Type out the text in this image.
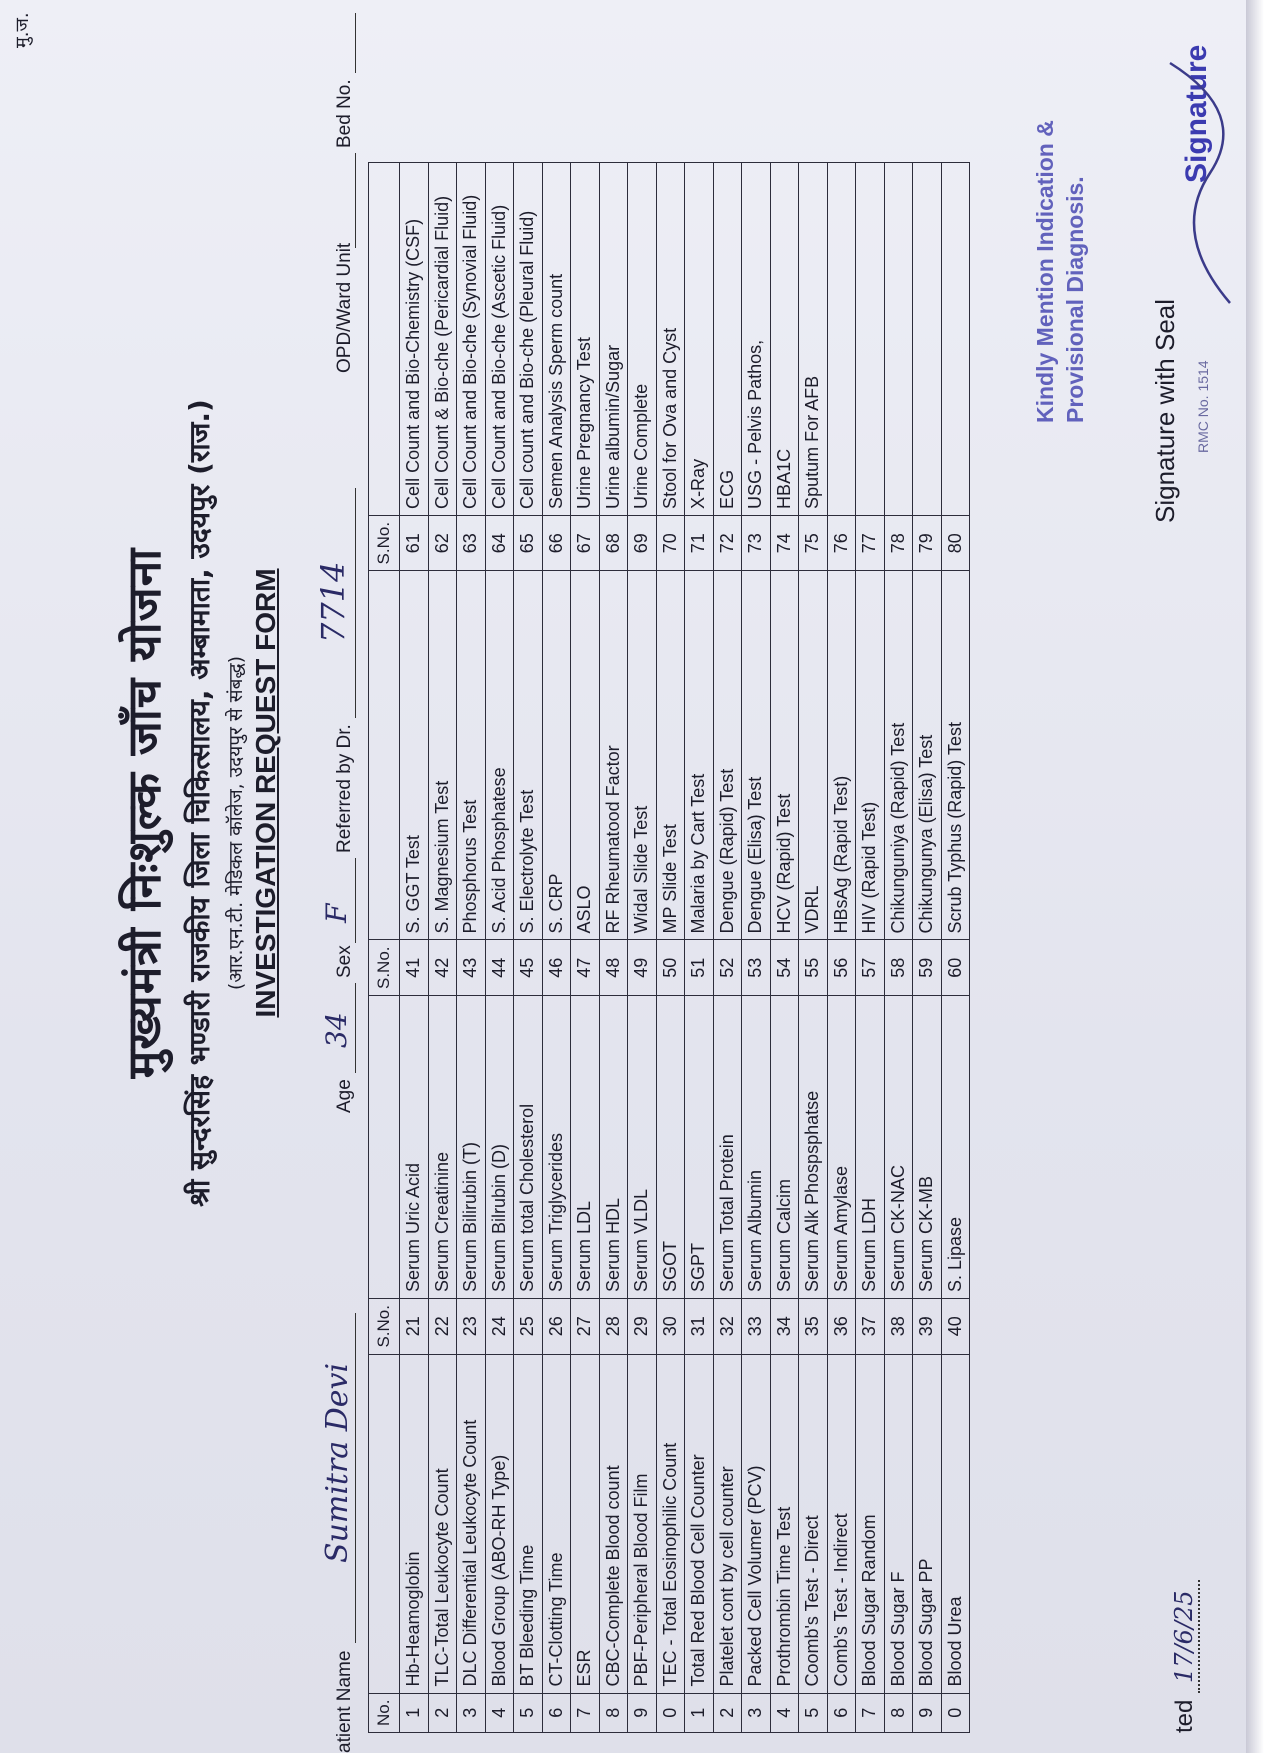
मु.ज.
मुख्यमंत्री निःशुल्क जाँच योजना श्री सुन्दरसिंह भण्डारी राजकीय जिला चिकित्सालय, अम्बामाता, उदयपुर (राज.) (आर.एन.टी. मेडिकल कॉलेज, उदयपुर से संबद्ध) INVESTIGATION REQUEST FORM
atient Name
Sumitra Devi
Age
34
Sex
F
Referred by Dr.
7714
OPD/Ward Unit
Bed No.
No.		S.No.		S.No.		S.No.	
1	Hb-Heamoglobin	21	Serum Uric Acid	41	S. GGT Test	61	Cell Count and Bio-Chemistry (CSF)
2	TLC-Total Leukocyte Count	22	Serum Creatinine	42	S. Magnesium Test	62	Cell Count & Bio-che (Pericardial Fluid)
3	DLC Differential Leukocyte Count	23	Serum Bilirubin (T)	43	Phosphorus Test	63	Cell Count and Bio-che (Synovial Fluid)
4	Blood Group (ABO-RH Type)	24	Serum Bilrubin (D)	44	S. Acid Phosphatese	64	Cell Count and Bio-che (Ascetic Fluid)
5	BT Bleeding Time	25	Serum total Cholesterol	45	S. Electrolyte Test	65	Cell count and Bio-che (Pleural Fluid)
6	CT-Clotting Time	26	Serum Triglycerides	46	S. CRP	66	Semen Analysis Sperm count
7	ESR	27	Serum LDL	47	ASLO	67	Urine Pregnancy Test
8	CBC-Complete Blood count	28	Serum HDL	48	RF Rheumatood Factor	68	Urine albumin/Sugar
9	PBF-Peripheral Blood Film	29	Serum VLDL	49	Widal Slide Test	69	Urine Complete
0	TEC - Total Eosinophilic Count	30	SGOT	50	MP Slide Test	70	Stool for Ova and Cyst
1	Total Red Blood Cell Counter	31	SGPT	51	Malaria by Cart Test	71	X-Ray
2	Platelet cont by cell counter	32	Serum Total Protein	52	Dengue (Rapid) Test	72	ECG
3	Packed Cell Volumer (PCV)	33	Serum Albumin	53	Dengue (Elisa) Test	73	USG - Pelvis Pathos,
4	Prothrombin Time Test	34	Serum Calcim	54	HCV (Rapid) Test	74	HBA1C
5	Coomb's Test - Direct	35	Serum Alk Phospsphatse	55	VDRL	75	Sputum For AFB
6	Comb's Test - Indirect	36	Serum Amylase	56	HBsAg (Rapid Test)	76	
7	Blood Sugar Random	37	Serum LDH	57	HIV (Rapid Test)	77	
8	Blood Sugar F	38	Serum CK-NAC	58	Chikunguniya (Rapid) Test	78	
9	Blood Sugar PP	39	Serum CK-MB	59	Chikungunya (Elisa) Test	79	
0	Blood Urea	40	S. Lipase	60	Scrub Typhus (Rapid) Test	80	
ted 17/6/25
Signature with Seal RMC No. 1514
Kindly Mention Indication & Provisional Diagnosis.
Signature
